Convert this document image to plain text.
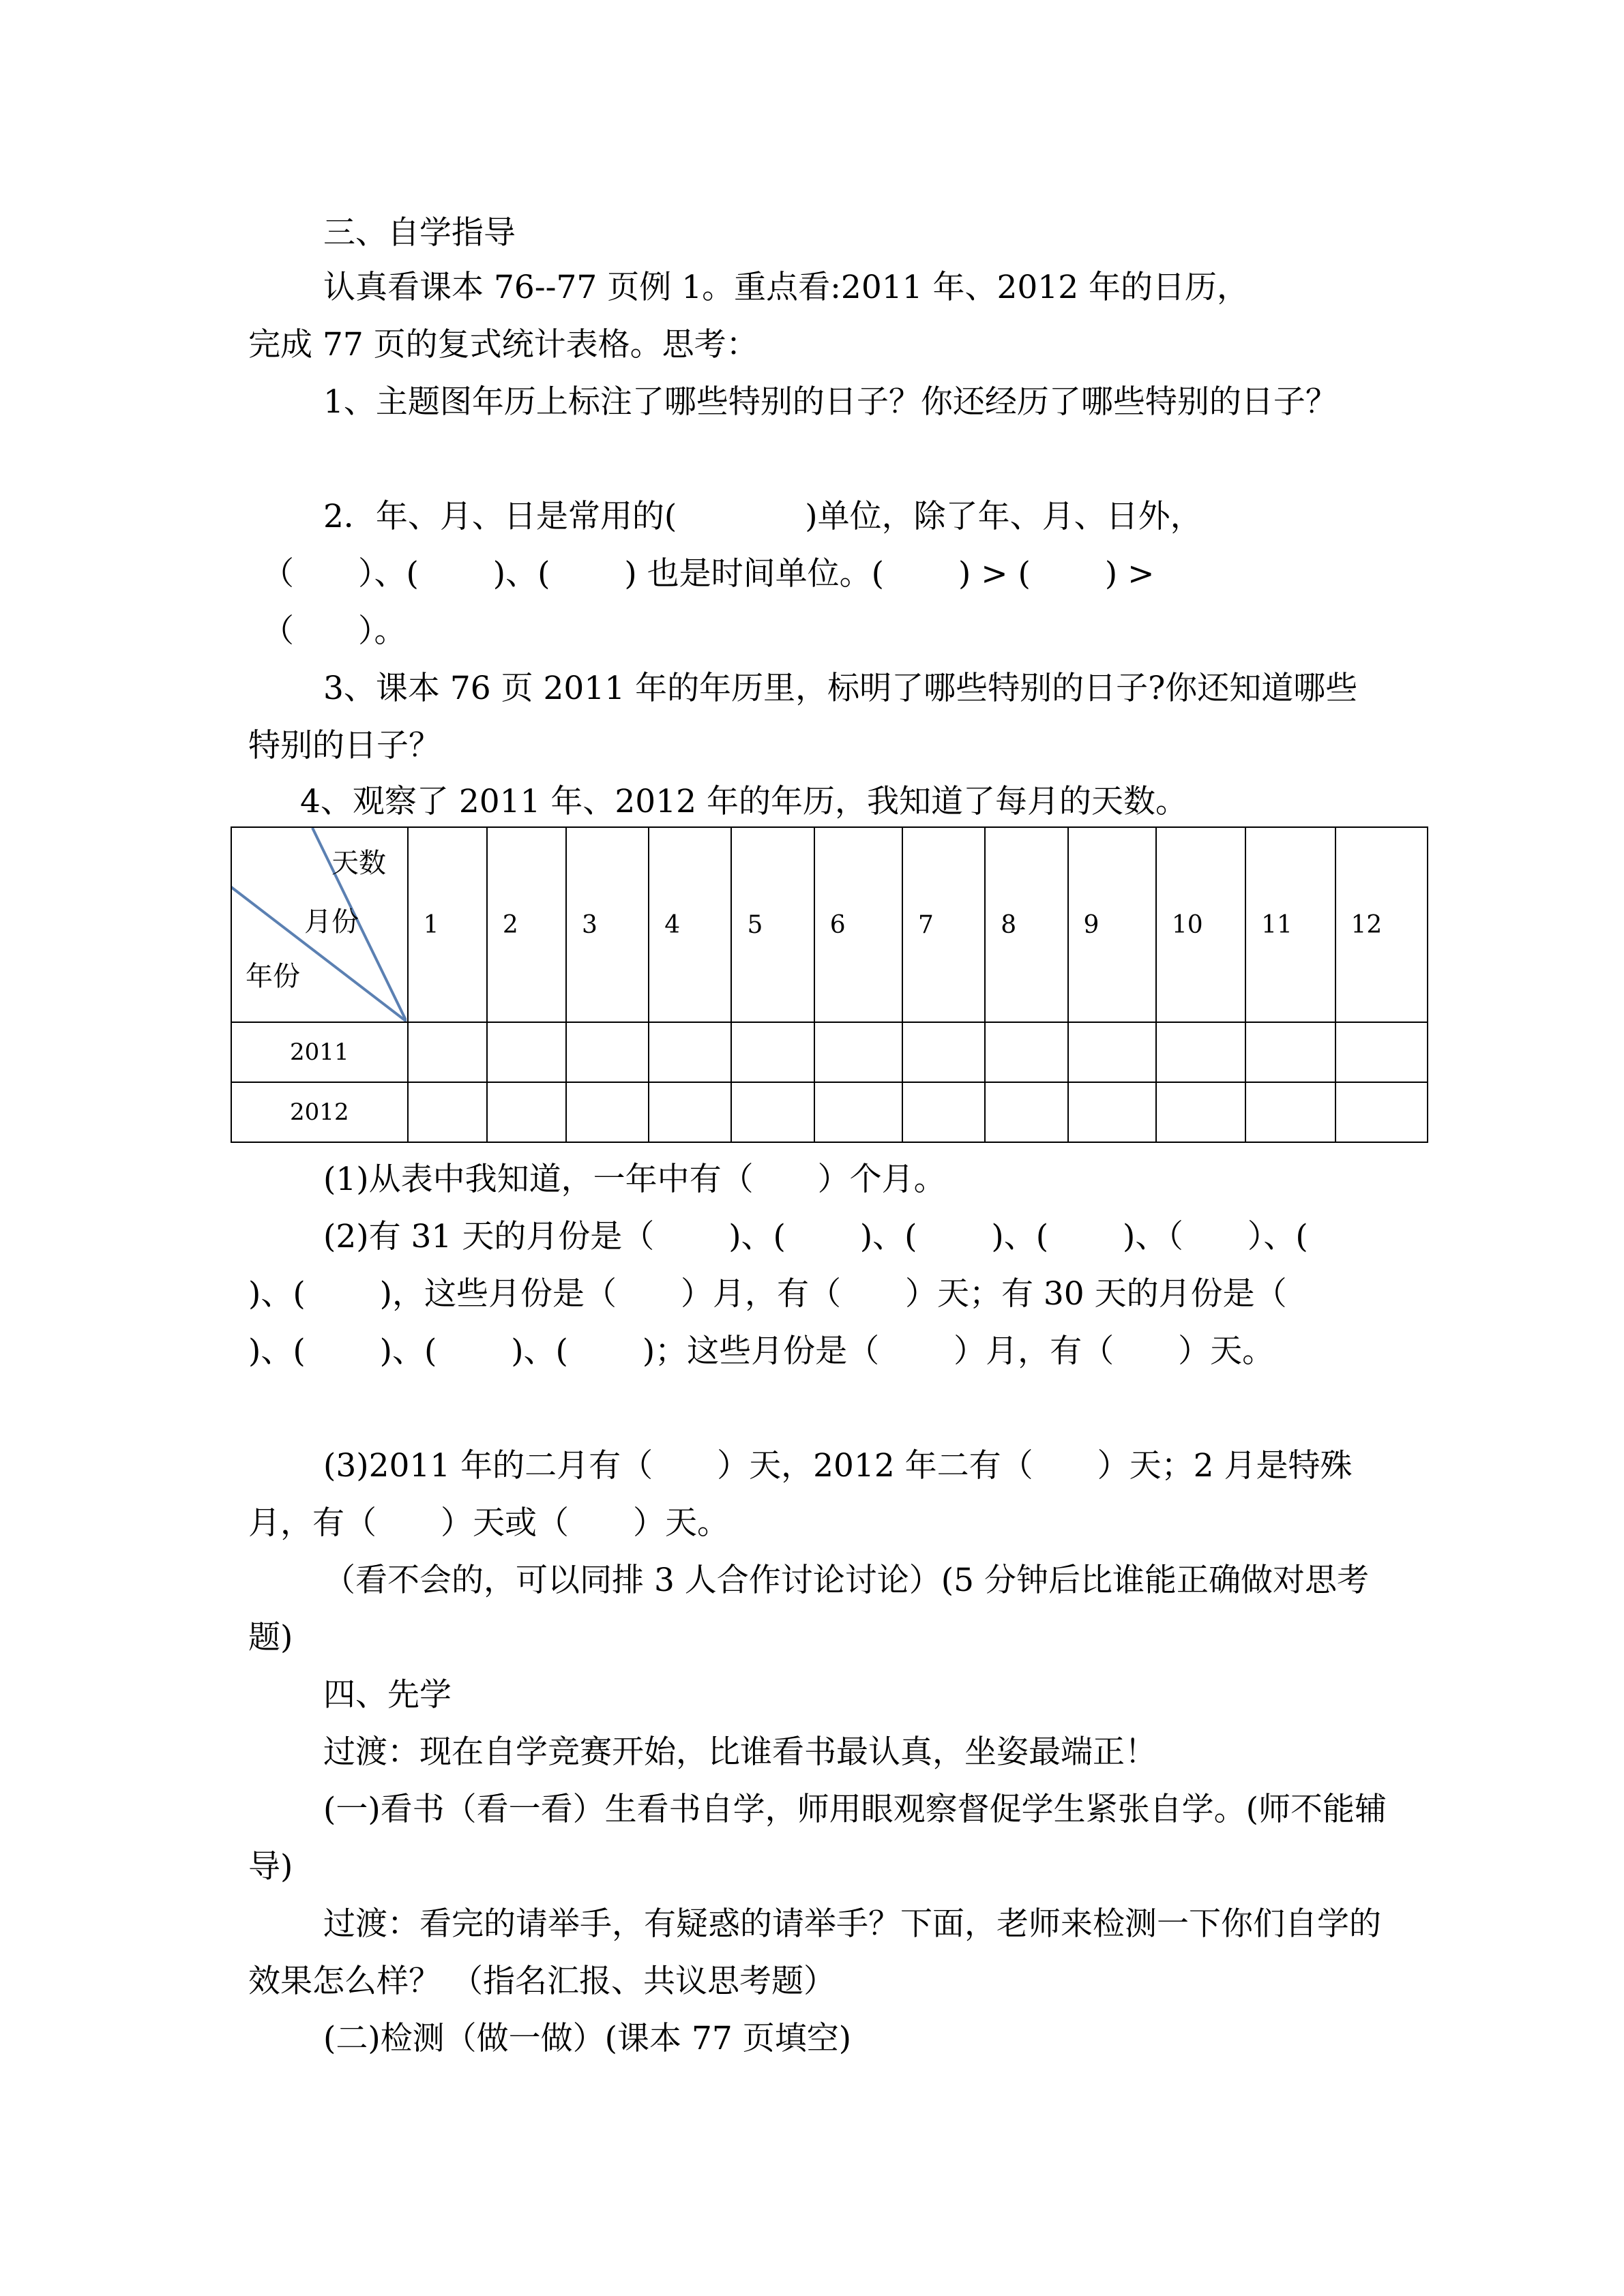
三、自学指导

认真看课本 76--77 页例 1。重点看:2011 年、2012 年的日历，
完成 77 页的复式统计表格。思考：

1、主题图年历上标注了哪些特别的日子？你还经历了哪些特别的日子？

2．年、月、日是常用的(　　　　)单位，除了年、月、日外，
（　　）、(　　 )、(　　 ) 也是时间单位。(　　 ) > (　　 ) >
（　　）。

3、课本 76 页 2011 年的年历里，标明了哪些特别的日子?你还知道哪些特别的日子？

4、观察了 2011 年、2012 年的年历，我知道了每月的天数。
天数
月份
年份	1	2	3	4	5	6	7	8	9	10	11	12
2011												
2012												

(1)从表中我知道，一年中有（　　）个月。

(2)有 31 天的月份是（　　 )、(　　 )、(　　 )、(　　 )、（　　）、(　　 )、(　　 )，这些月份是（　　）月，有（　　）天；有 30 天的月份是（　　 )、(　　 )、(　　 )、(　　 )；这些月份是（　　 ）月，有（　　）天。

(3)2011 年的二月有（　　）天，2012 年二有（　　）天；2 月是特殊月，有（　　）天或（　　）天。

（看不会的，可以同排 3 人合作讨论讨论）(5 分钟后比谁能正确做对思考题)

四、先学

过渡：现在自学竞赛开始，比谁看书最认真，坐姿最端正！

(一)看书（看一看）生看书自学，师用眼观察督促学生紧张自学。(师不能辅导)

过渡：看完的请举手，有疑惑的请举手？下面，老师来检测一下你们自学的效果怎么样？ （指名汇报、共议思考题）

(二)检测（做一做）(课本 77 页填空)
